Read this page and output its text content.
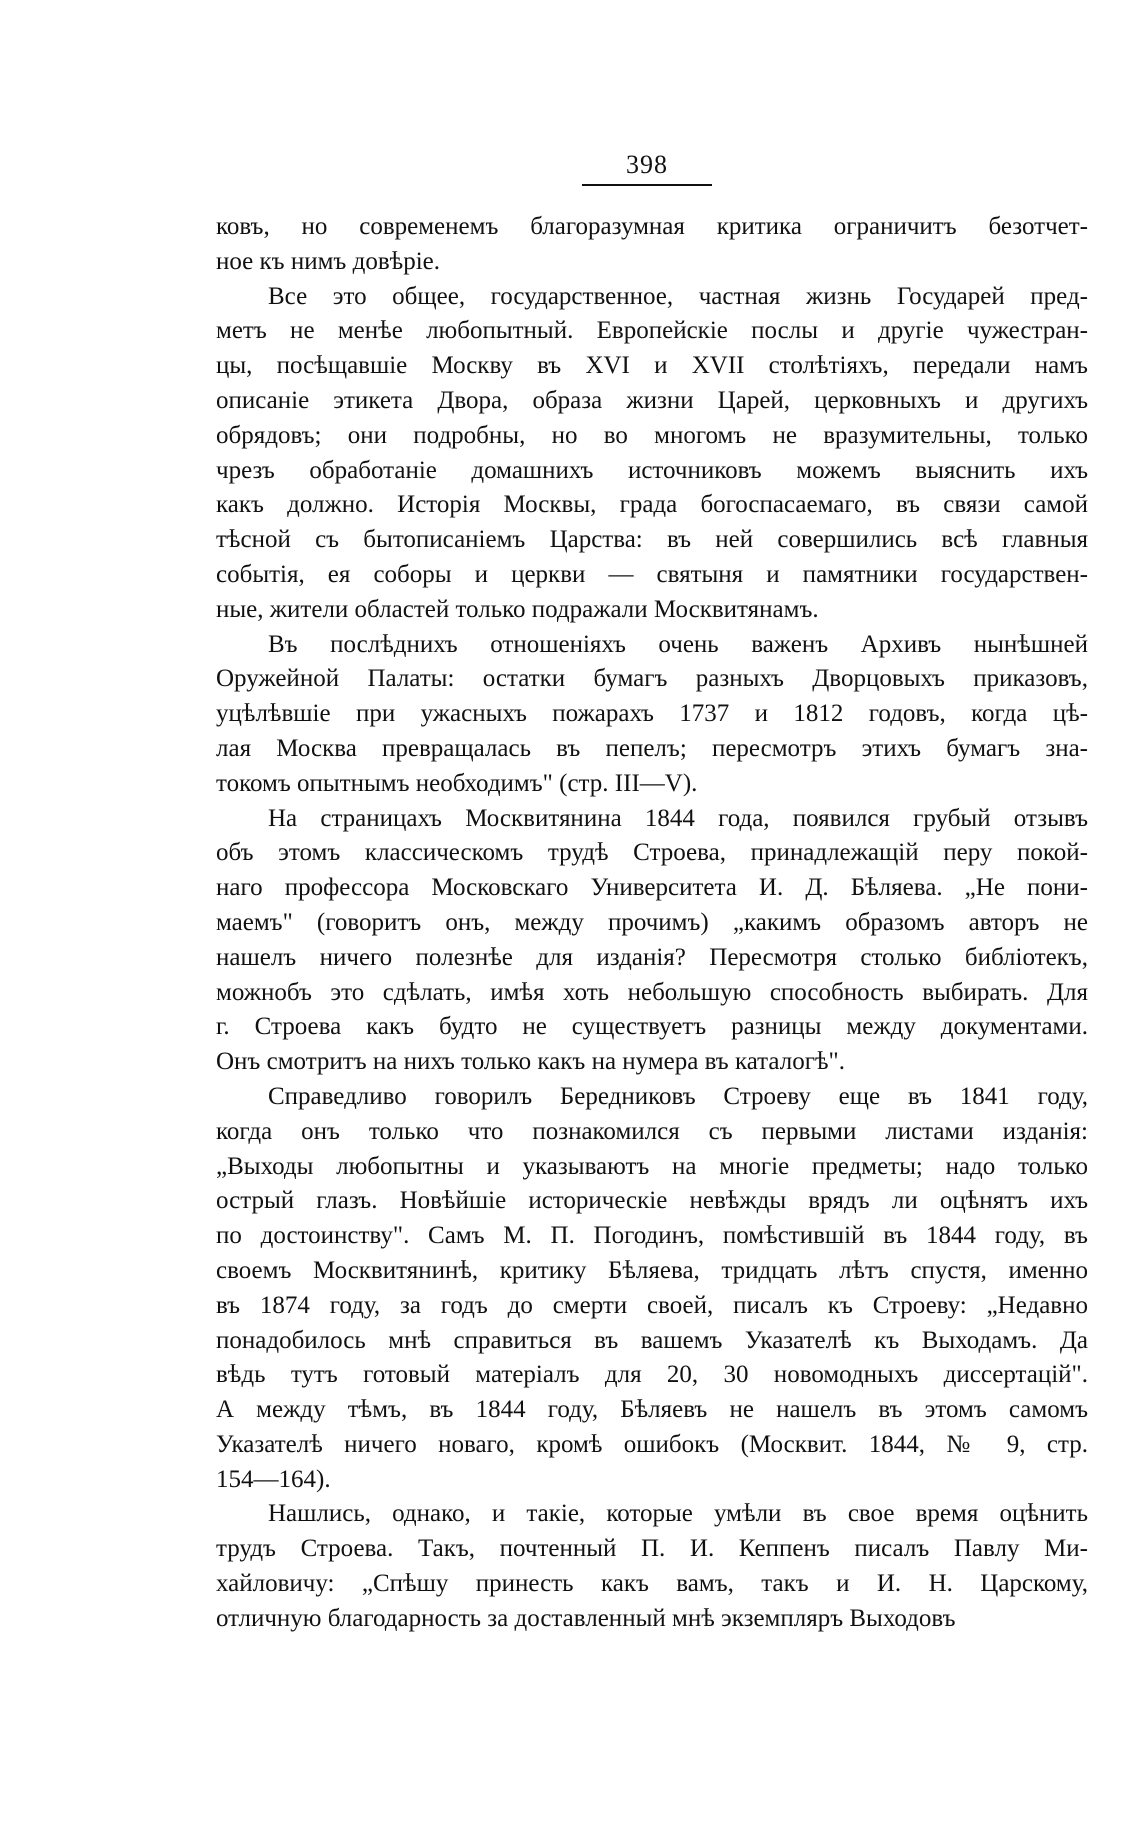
398
ковъ, но современемъ благоразумная критика ограничитъ безотчет-
ное къ нимъ довѣріе.
Все это общее, государственное, частная жизнь Государей пред-
метъ не менѣе любопытный. Европейскіе послы и другіе чужестран-
цы, посѣщавшіе Москву въ XVI и XVII столѣтіяхъ, передали намъ
описаніе этикета Двора, образа жизни Царей, церковныхъ и другихъ
обрядовъ; они подробны, но во многомъ не вразумительны, только
чрезъ обработаніе домашнихъ источниковъ можемъ выяснить ихъ
какъ должно. Исторія Москвы, града богоспасаемаго, въ связи самой
тѣсной съ бытописаніемъ Царства: въ ней совершились всѣ главныя
событія, ея соборы и церкви — святыня и памятники государствен-
ные, жители областей только подражали Москвитянамъ.
Въ послѣднихъ отношеніяхъ очень важенъ Архивъ нынѣшней
Оружейной Палаты: остатки бумагъ разныхъ Дворцовыхъ приказовъ,
уцѣлѣвшіе при ужасныхъ пожарахъ 1737 и 1812 годовъ, когда цѣ-
лая Москва превращалась въ пепелъ; пересмотръ этихъ бумагъ зна-
токомъ опытнымъ необходимъ" (стр. III—V).
На страницахъ Москвитянина 1844 года, появился грубый отзывъ
объ этомъ классическомъ трудѣ Строева, принадлежащій перу покой-
наго профессора Московскаго Университета И. Д. Бѣляева. „Не пони-
маемъ" (говоритъ онъ, между прочимъ) „какимъ образомъ авторъ не
нашелъ ничего полезнѣе для изданія? Пересмотря столько библіотекъ,
можнобъ это сдѣлать, имѣя хоть небольшую способность выбирать. Для
г. Строева какъ будто не существуетъ разницы между документами.
Онъ смотритъ на нихъ только какъ на нумера въ каталогѣ".
Справедливо говорилъ Бередниковъ Строеву еще въ 1841 году,
когда онъ только что познакомился съ первыми листами изданія:
„Выходы любопытны и указываютъ на многіе предметы; надо только
острый глазъ. Новѣйшіе историческіе невѣжды врядъ ли оцѣнятъ ихъ
по достоинству". Самъ М. П. Погодинъ, помѣстившій въ 1844 году, въ
своемъ Москвитянинѣ, критику Бѣляева, тридцать лѣтъ спустя, именно
въ 1874 году, за годъ до смерти своей, писалъ къ Строеву: „Недавно
понадобилось мнѣ справиться въ вашемъ Указателѣ къ Выходамъ. Да
вѣдь тутъ готовый матеріалъ для 20, 30 новомодныхъ диссертацій".
А между тѣмъ, въ 1844 году, Бѣляевъ не нашелъ въ этомъ самомъ
Указателѣ ничего новаго, кромѣ ошибокъ (Москвит. 1844, № 9, стр.
154—164).
Нашлись, однако, и такіе, которые умѣли въ свое время оцѣнить
трудъ Строева. Такъ, почтенный П. И. Кеппенъ писалъ Павлу Ми-
хайловичу: „Спѣшу принесть какъ вамъ, такъ и И. Н. Царскому,
отличную благодарность за доставленный мнѣ экземпляръ Выходовъ
